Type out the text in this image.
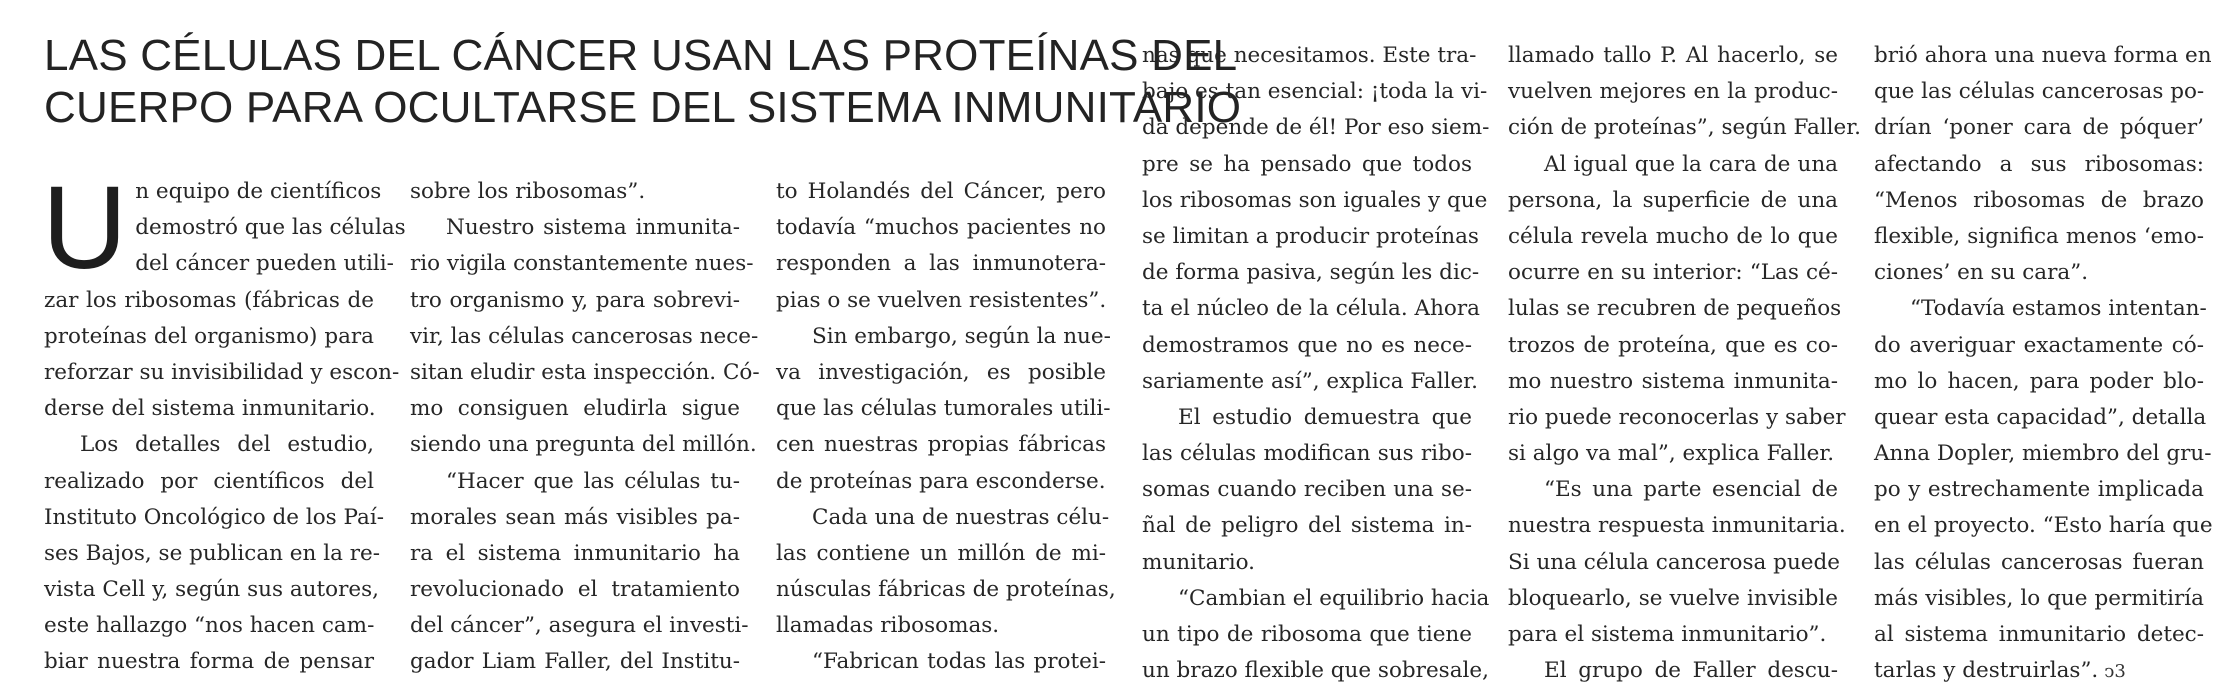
LAS CÉLULAS DEL CÁNCER USAN LAS PROTEÍNAS DEL
CUERPO PARA OCULTARSE DEL SISTEMA INMUNITARIO
U n equipo de científicos
demostró que las células
del cáncer pueden utili-
zar los ribosomas (fábricas de
proteínas del organismo) para
reforzar su invisibilidad y escon-
derse del sistema inmunitario.
Los detalles del estudio,
realizado por científicos del
Instituto Oncológico de los Paí-
ses Bajos, se publican en la re-
vista Cell y, según sus autores,
este hallazgo “nos hacen cam-
biar nuestra forma de pensar
sobre los ribosomas”.
Nuestro sistema inmunita-
rio vigila constantemente nues-
tro organismo y, para sobrevi-
vir, las células cancerosas nece-
sitan eludir esta inspección. Có-
mo consiguen eludirla sigue
siendo una pregunta del millón.
“Hacer que las células tu-
morales sean más visibles pa-
ra el sistema inmunitario ha
revolucionado el tratamiento
del cáncer”, asegura el investi-
gador Liam Faller, del Institu-
to Holandés del Cáncer, pero
todavía “muchos pacientes no
responden a las inmunotera-
pias o se vuelven resistentes”.
Sin embargo, según la nue-
va investigación, es posible
que las células tumorales utili-
cen nuestras propias fábricas
de proteínas para esconderse.
Cada una de nuestras célu-
las contiene un millón de mi-
núsculas fábricas de proteínas,
llamadas ribosomas.
“Fabrican todas las protei-
nas que necesitamos. Este tra-
bajo es tan esencial: ¡toda la vi-
da depende de él! Por eso siem-
pre se ha pensado que todos
los ribosomas son iguales y que
se limitan a producir proteínas
de forma pasiva, según les dic-
ta el núcleo de la célula. Ahora
demostramos que no es nece-
sariamente así”, explica Faller.
El estudio demuestra que
las células modifican sus ribo-
somas cuando reciben una se-
ñal de peligro del sistema in-
munitario.
“Cambian el equilibrio hacia
un tipo de ribosoma que tiene
un brazo flexible que sobresale,
llamado tallo P. Al hacerlo, se
vuelven mejores en la produc-
ción de proteínas”, según Faller.
Al igual que la cara de una
persona, la superficie de una
célula revela mucho de lo que
ocurre en su interior: “Las cé-
lulas se recubren de pequeños
trozos de proteína, que es co-
mo nuestro sistema inmunita-
rio puede reconocerlas y saber
si algo va mal”, explica Faller.
“Es una parte esencial de
nuestra respuesta inmunitaria.
Si una célula cancerosa puede
bloquearlo, se vuelve invisible
para el sistema inmunitario”.
El grupo de Faller descu-
brió ahora una nueva forma en
que las células cancerosas po-
drían ‘poner cara de póquer’
afectando a sus ribosomas:
“Menos ribosomas de brazo
flexible, significa menos ‘emo-
ciones’ en su cara”.
“Todavía estamos intentan-
do averiguar exactamente có-
mo lo hacen, para poder blo-
quear esta capacidad”, detalla
Anna Dopler, miembro del gru-
po y estrechamente implicada
en el proyecto. “Esto haría que
las células cancerosas fueran
más visibles, lo que permitiría
al sistema inmunitario detec-
tarlas y destruirlas”. ↄ3
